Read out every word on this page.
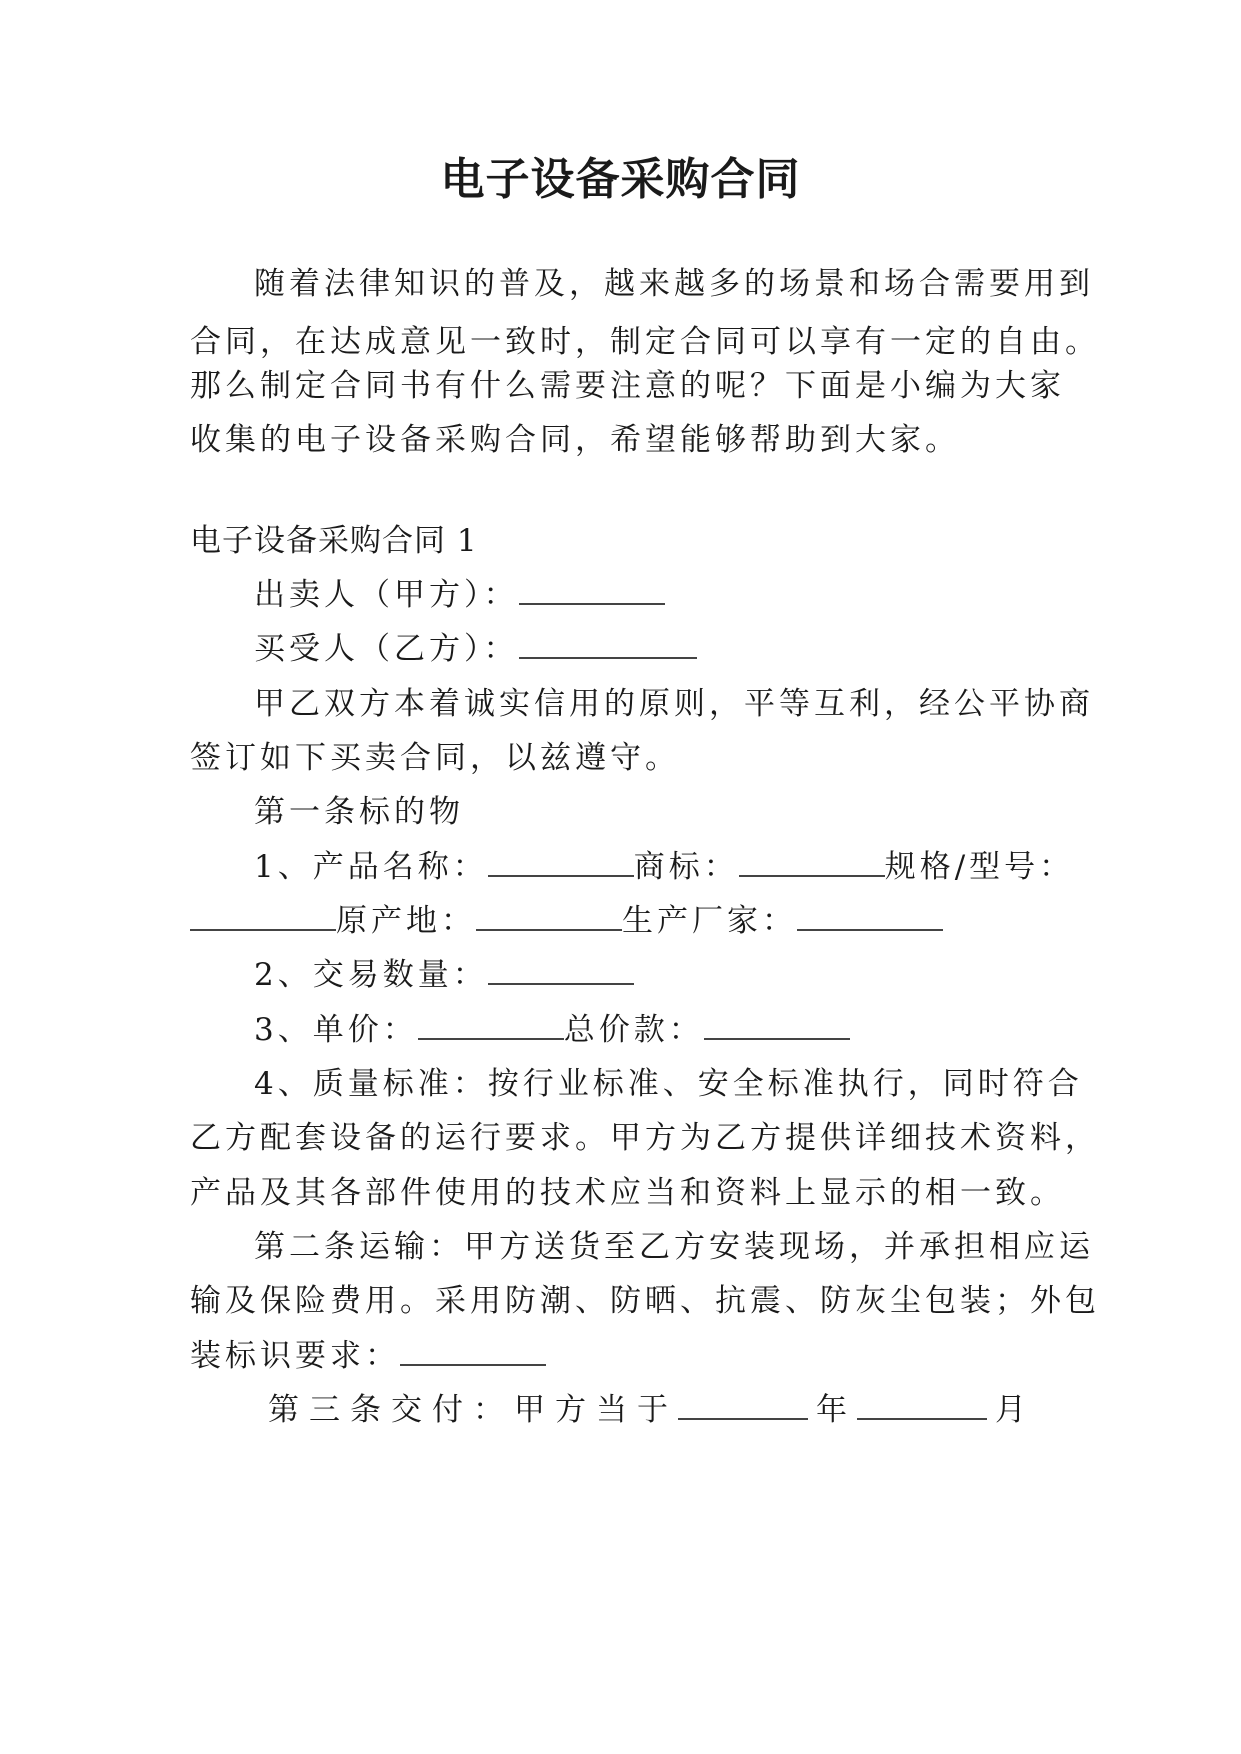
电子设备采购合同
随着法律知识的普及，越来越多的场景和场合需要用到
合同，在达成意见一致时，制定合同可以享有一定的自由。
那么制定合同书有什么需要注意的呢？下面是小编为大家
收集的电子设备采购合同，希望能够帮助到大家。
电子设备采购合同 1
出卖人（甲方）：
买受人（乙方）：
甲乙双方本着诚实信用的原则，平等互利，经公平协商
签订如下买卖合同，以兹遵守。
第一条标的物
1、产品名称：	商标：	规格/型号：
原产地：	生产厂家：
2、交易数量：
3、单价：	总价款：
4、质量标准：按行业标准、安全标准执行，同时符合
乙方配套设备的运行要求。甲方为乙方提供详细技术资料，
产品及其各部件使用的技术应当和资料上显示的相一致。
第二条运输：甲方送货至乙方安装现场，并承担相应运
输及保险费用。采用防潮、防晒、抗震、防灰尘包装；外包
装标识要求：
第三条交付：甲方当于	年	月
